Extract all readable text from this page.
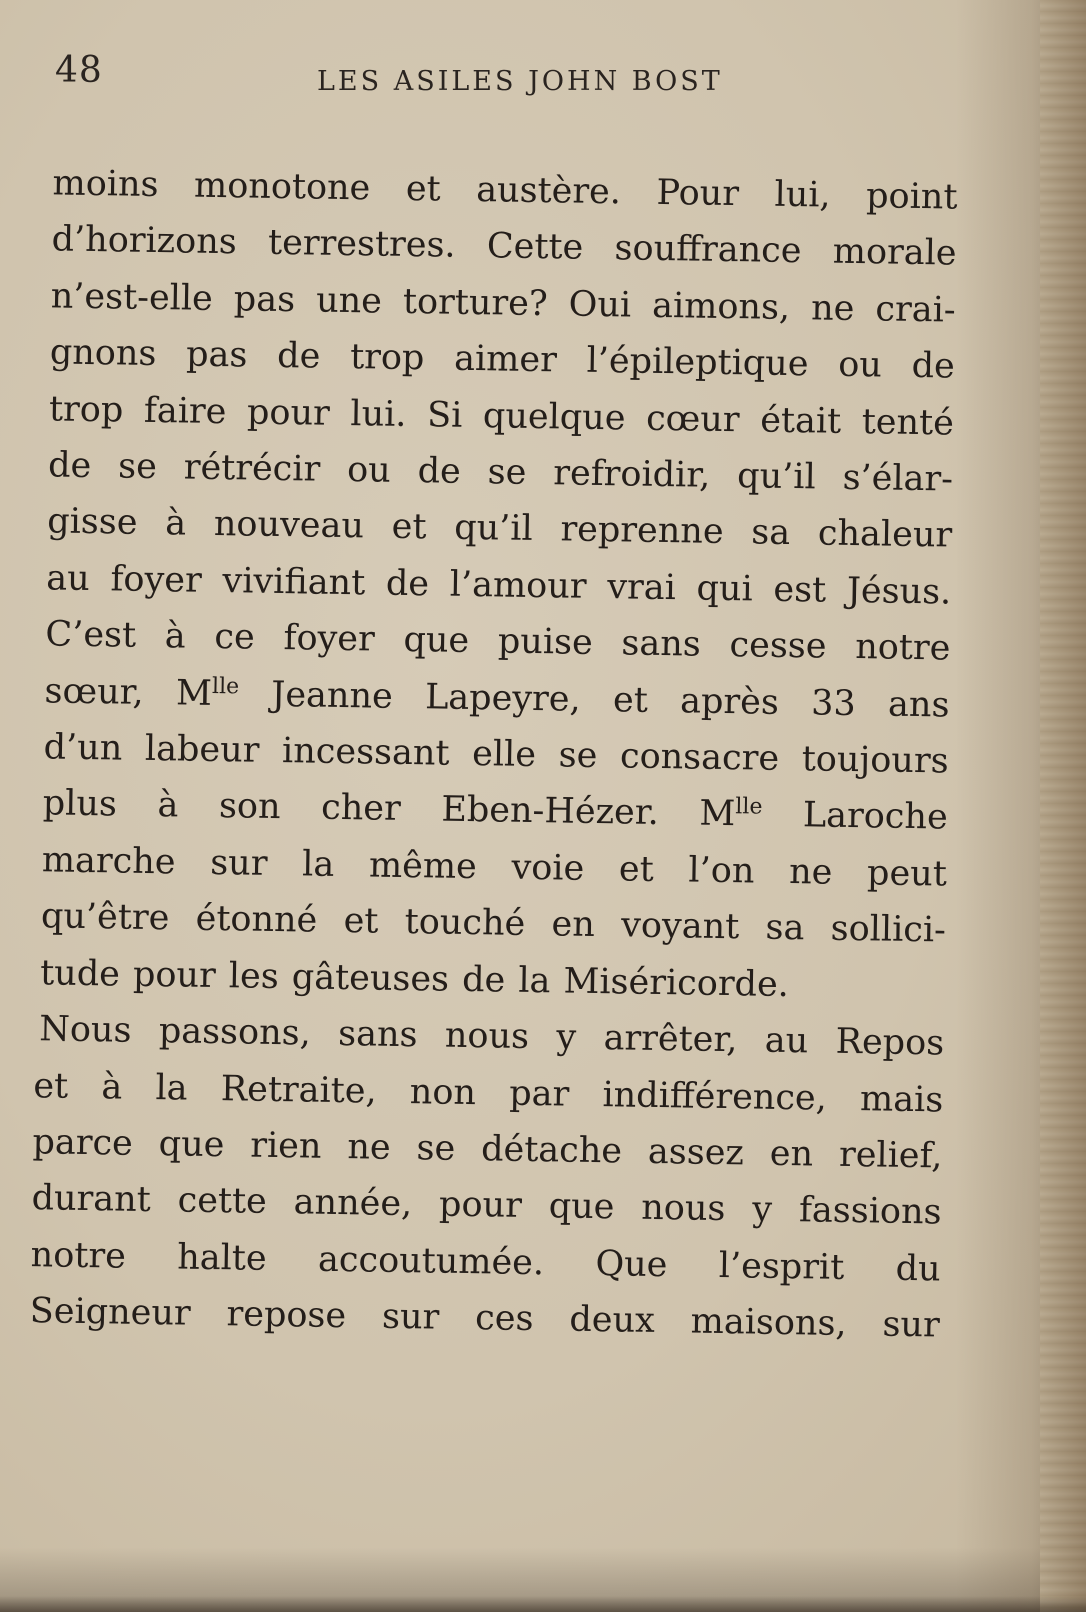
48	LES ASILES JOHN BOST

moins monotone et austère. Pour lui, point
d’horizons terrestres. Cette souffrance morale
n’est-elle pas une torture? Oui aimons, ne crai-
gnons pas de trop aimer l’épileptique ou de
trop faire pour lui. Si quelque cœur était tenté
de se rétrécir ou de se refroidir, qu’il s’élar-
gisse à nouveau et qu’il reprenne sa chaleur
au foyer vivifiant de l’amour vrai qui est Jésus.

C’est à ce foyer que puise sans cesse notre
sœur, $M^{lle}$ Jeanne Lapeyre, et après 33 ans
d’un labeur incessant elle se consacre toujours
plus à son cher Eben-Hézer. $M^{lle}$ Laroche
marche sur la même voie et l’on ne peut
qu’être étonné et touché en voyant sa sollici-
tude pour les gâteuses de la Miséricorde.

Nous passons, sans nous y arrêter, au Repos
et à la Retraite, non par indifférence, mais
parce que rien ne se détache assez en relief,
durant cette année, pour que nous y fassions
notre halte accoutumée. Que l’esprit du
Seigneur repose sur ces deux maisons, sur
